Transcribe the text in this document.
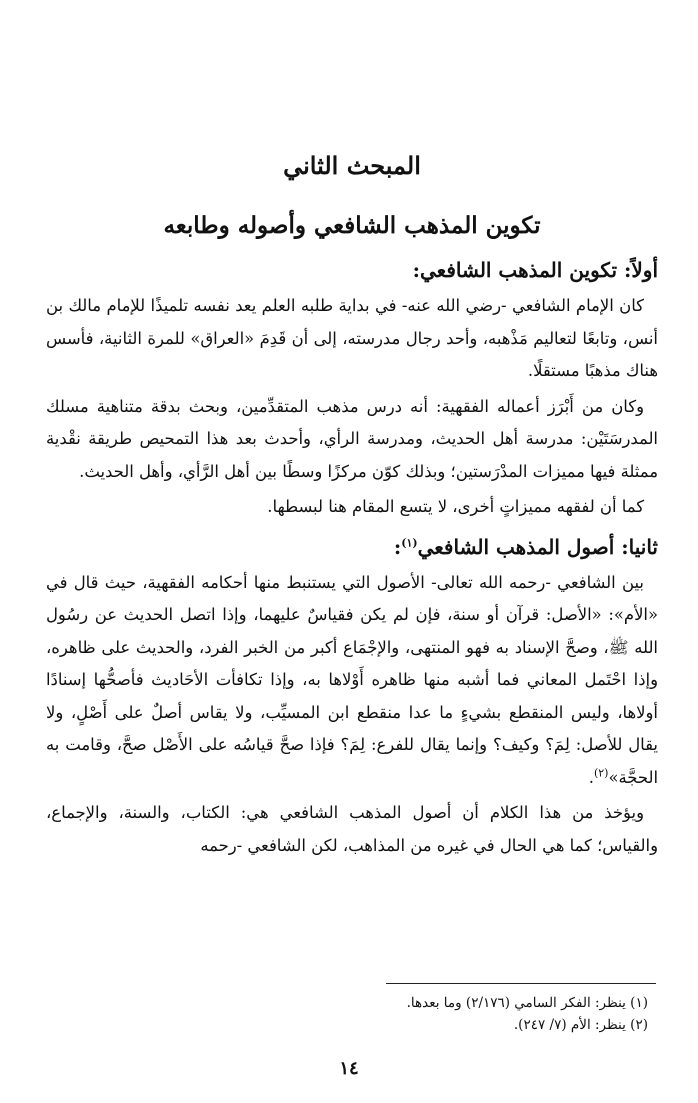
المبحث الثاني
تكوين المذهب الشافعي وأصوله وطابعه
أولاً: تكوين المذهب الشافعي:

كان الإمام الشافعي -رضي الله عنه- في بداية طلبه العلم يعد نفسه تلميذًا للإمام مالك بن أنس، وتابعًا لتعاليم مَذْهبه، وأحد رجال مدرسته، إلى أن قَدِمَ «العراق» للمرة الثانية، فأسس هناك مذهبًا مستقلًا.

وكان من أَبْرَز أعماله الفقهية: أنه درس مذهب المتقدِّمين، وبحث بدقة متناهية مسلك المدرسَتَيْن: مدرسة أهل الحديث، ومدرسة الرأي، وأحدث بعد هذا التمحيص طريقة نقْدية ممثلة فيها مميزات المدْرَستين؛ وبذلك كوّن مركزًا وسطًا بين أهل الرَّأي، وأهل الحديث.

كما أن لفقهه مميزاتٍ أخرى، لا يتسع المقام هنا لبسطها.

ثانيا: أصول المذهب الشافعي$^{(١)}$:

بين الشافعي -رحمه الله تعالى- الأصول التي يستنبط منها أحكامه الفقهية، حيث قال في «الأم»: «الأصل: قرآن أو سنة، فإن لم يكن فقياسٌ عليهما، وإذا اتصل الحديث عن رسُول الله ﷺ، وصحَّ الإسناد به فهو المنتهى، والإجْمَاع أكبر من الخبر الفرد، والحديث على ظاهره، وإذا احْتَمل المعاني فما أشبه منها ظاهره أَوْلاها به، وإذا تكافأت الأحَاديث فأصحُّها إسنادًا أولاها، وليس المنقطع بشيءٍ ما عدا منقطع ابن المسيِّب، ولا يقاس أصلٌ على أَصْلٍ، ولا يقال للأصل: لِمَ؟ وكيف؟ وإنما يقال للفرع: لِمَ؟ فإذا صحَّ قياسُه على الأَصْل صحَّ، وقامت به الحجَّة»$^{(٢)}$.

ويؤخذ من هذا الكلام أن أصول المذهب الشافعي هي: الكتاب، والسنة، والإجماع، والقياس؛ كما هي الحال في غيره من المذاهب، لكن الشافعي -رحمه

(١) ينظر: الفكر السامي (٢/١٧٦) وما بعدها.

(٢) ينظر: الأم (٧/ ٢٤٧).

١٤
